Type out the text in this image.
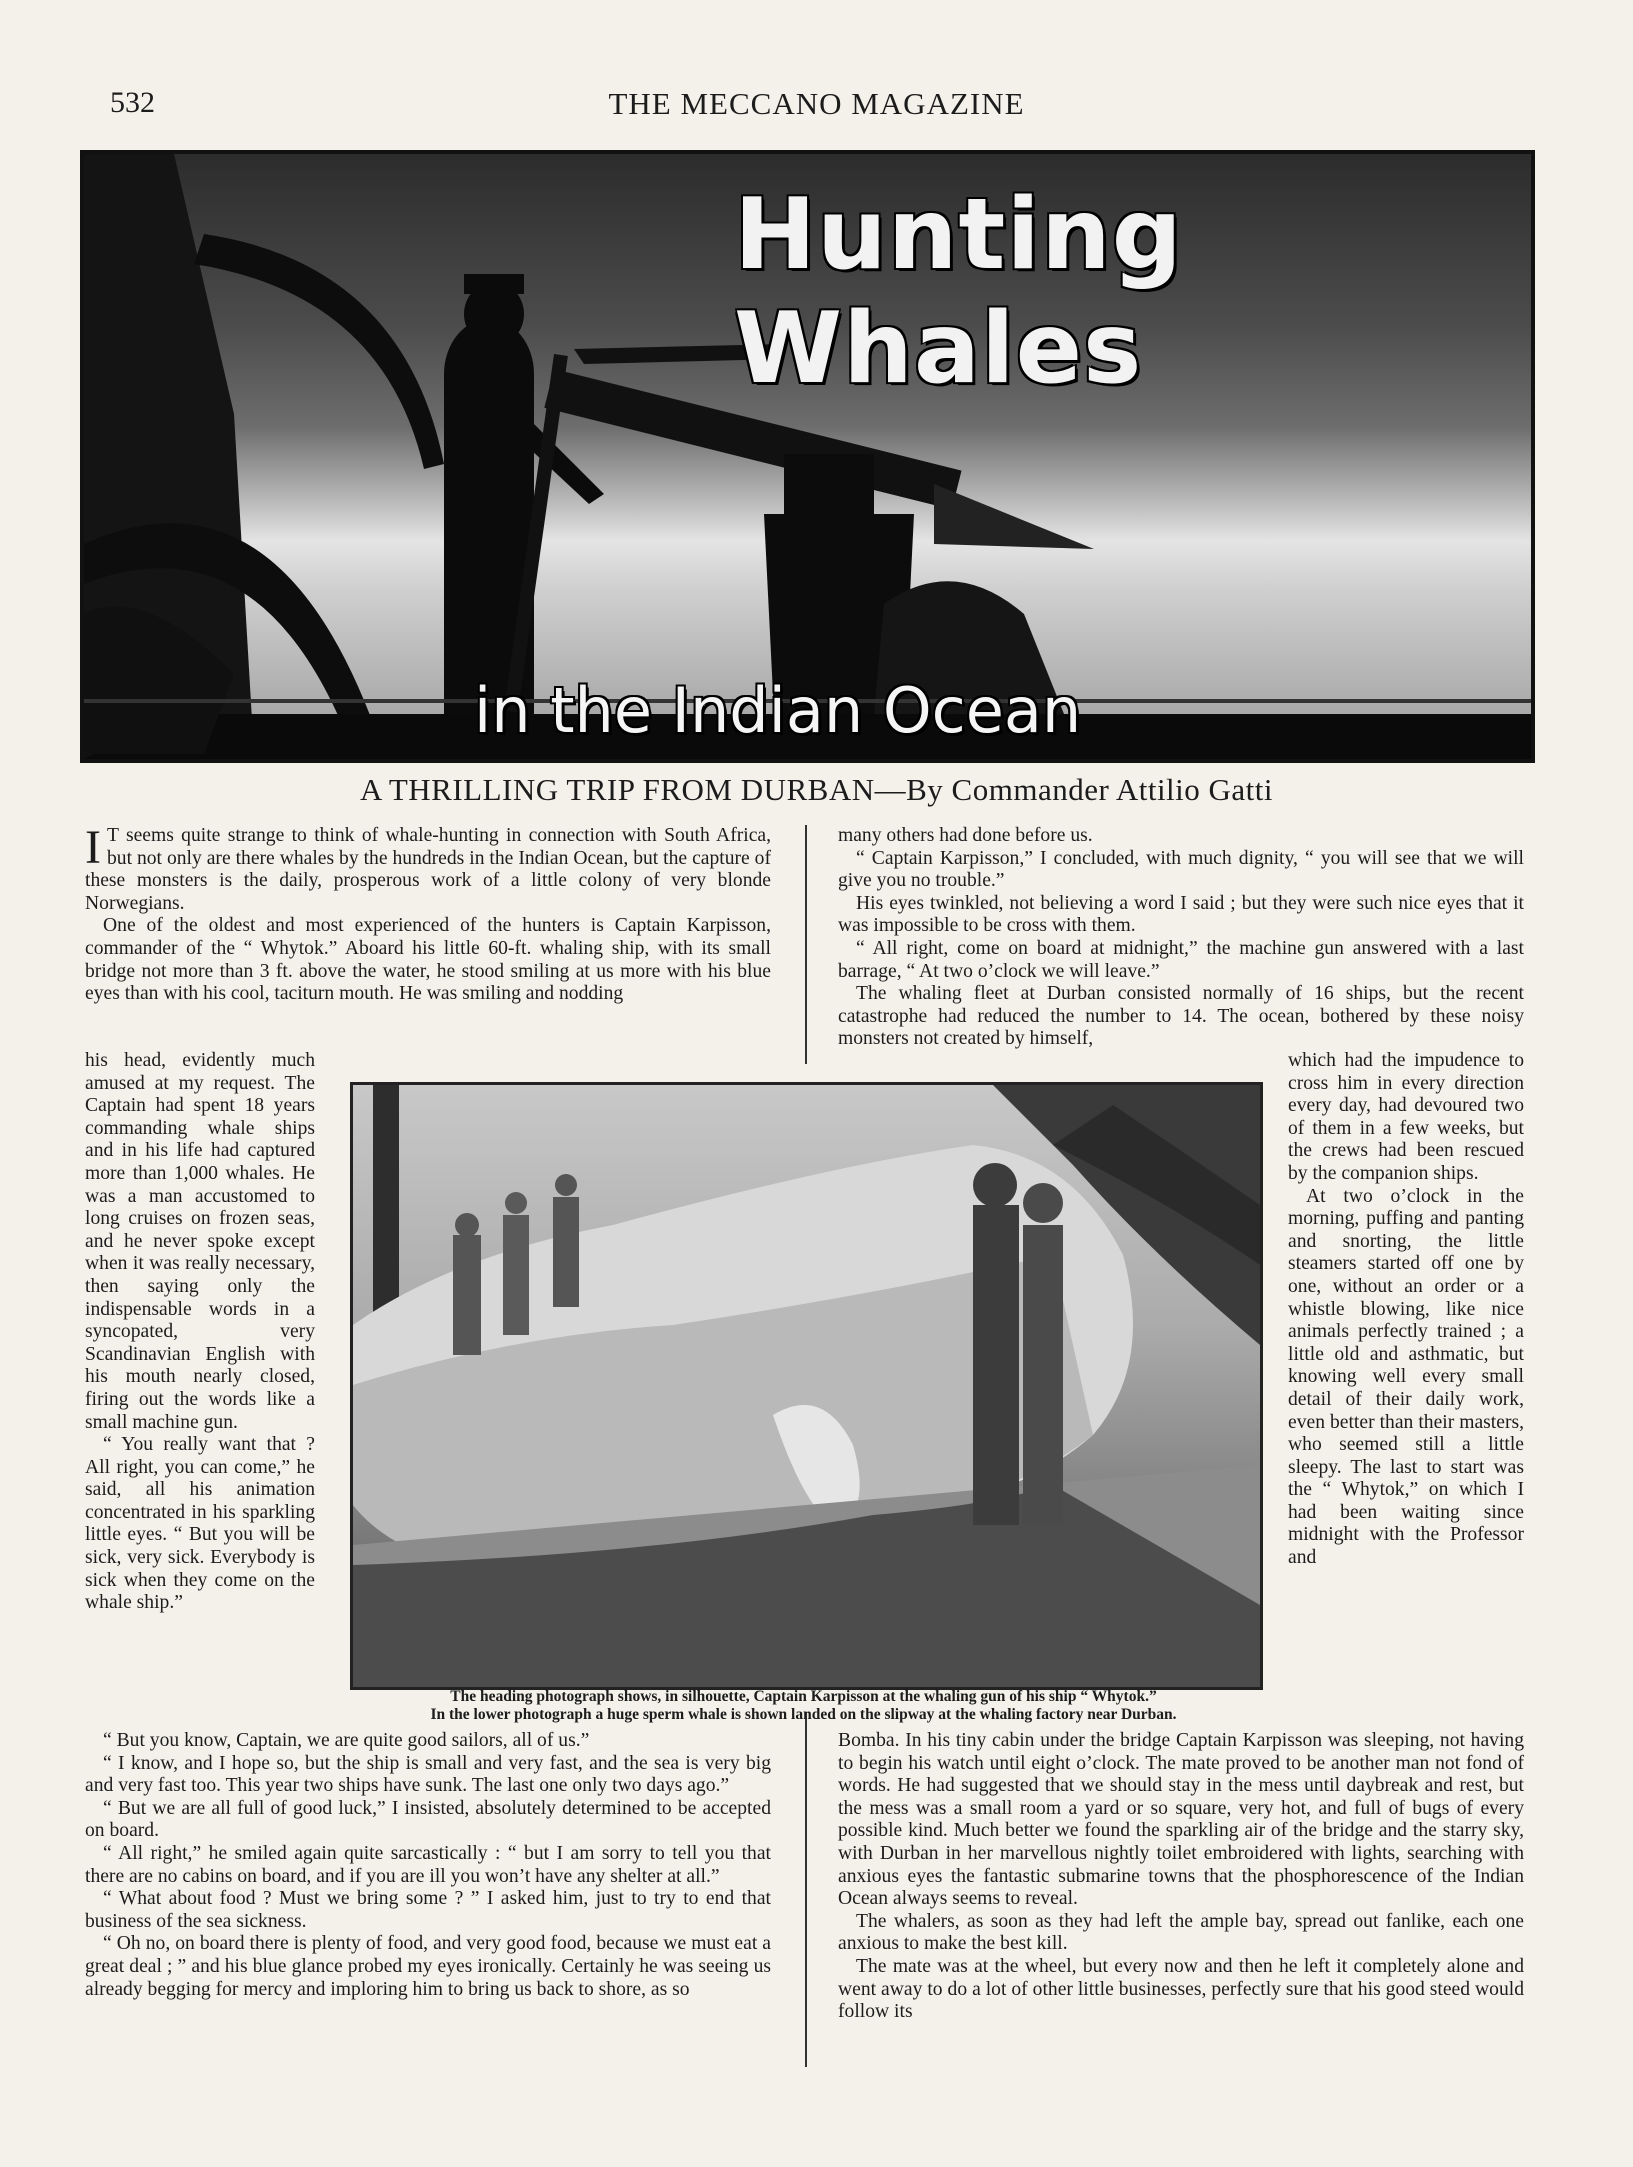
532	THE MECCANO MAGAZINE
Hunting Whales
in the Indian Ocean
A THRILLING TRIP FROM DURBAN—By Commander Attilio Gatti

I T seems quite strange to think of whale-hunting in connection with South Africa, but not only are there whales by the hundreds in the Indian Ocean, but the capture of these monsters is the daily, prosperous work of a little colony of very blonde Norwegians.

One of the oldest and most experienced of the hunters is Captain Karpisson, commander of the “ Whytok.” Aboard his little 60-ft. whaling ship, with its small bridge not more than 3 ft. above the water, he stood smiling at us more with his blue eyes than with his cool, taciturn mouth. He was smiling and nodding

his head, evidently much amused at my request. The Captain had spent 18 years commanding whale ships and in his life had captured more than 1,000 whales. He was a man accustomed to long cruises on frozen seas, and he never spoke except when it was really necessary, then saying only the indispensable words in a syncopated, very Scandinavian English with his mouth nearly closed, firing out the words like a small machine gun.

“ You really want that ? All right, you can come,” he said, all his animation concentrated in his sparkling little eyes. “ But you will be sick, very sick. Everybody is sick when they come on the whale ship.”

“ But you know, Captain, we are quite good sailors, all of us.”

“ I know, and I hope so, but the ship is small and very fast, and the sea is very big and very fast too. This year two ships have sunk. The last one only two days ago.”

“ But we are all full of good luck,” I insisted, absolutely determined to be accepted on board.

“ All right,” he smiled again quite sarcastically : “ but I am sorry to tell you that there are no cabins on board, and if you are ill you won’t have any shelter at all.”

“ What about food ? Must we bring some ? ” I asked him, just to try to end that business of the sea sickness.

“ Oh no, on board there is plenty of food, and very good food, because we must eat a great deal ; ” and his blue glance probed my eyes ironically. Certainly he was seeing us already begging for mercy and imploring him to bring us back to shore, as so

many others had done before us.

“ Captain Karpisson,” I concluded, with much dignity, “ you will see that we will give you no trouble.”

His eyes twinkled, not believing a word I said ; but they were such nice eyes that it was impossible to be cross with them.

“ All right, come on board at midnight,” the machine gun answered with a last barrage, “ At two o’clock we will leave.”

The whaling fleet at Durban consisted normally of 16 ships, but the recent catastrophe had reduced the number to 14. The ocean, bothered by these noisy monsters not created by himself,

which had the impudence to cross him in every direction every day, had devoured two of them in a few weeks, but the crews had been rescued by the companion ships.

At two o’clock in the morning, puffing and panting and snorting, the little steamers started off one by one, without an order or a whistle blowing, like nice animals perfectly trained ; a little old and asthmatic, but knowing well every small detail of their daily work, even better than their masters, who seemed still a little sleepy. The last to start was the “ Whytok,” on which I had been waiting since midnight with the Professor and

Bomba. In his tiny cabin under the bridge Captain Karpisson was sleeping, not having to begin his watch until eight o’clock. The mate proved to be another man not fond of words. He had suggested that we should stay in the mess until daybreak and rest, but the mess was a small room a yard or so square, very hot, and full of bugs of every possible kind. Much better we found the sparkling air of the bridge and the starry sky, with Durban in her marvellous nightly toilet embroidered with lights, searching with anxious eyes the fantastic submarine towns that the phosphorescence of the Indian Ocean always seems to reveal.

The whalers, as soon as they had left the ample bay, spread out fanlike, each one anxious to make the best kill.

The mate was at the wheel, but every now and then he left it completely alone and went away to do a lot of other little businesses, perfectly sure that his good steed would follow its

The heading photograph shows, in silhouette, Captain Karpisson at the whaling gun of his ship “ Whytok.”
In the lower photograph a huge sperm whale is shown landed on the slipway at the whaling factory near Durban.
